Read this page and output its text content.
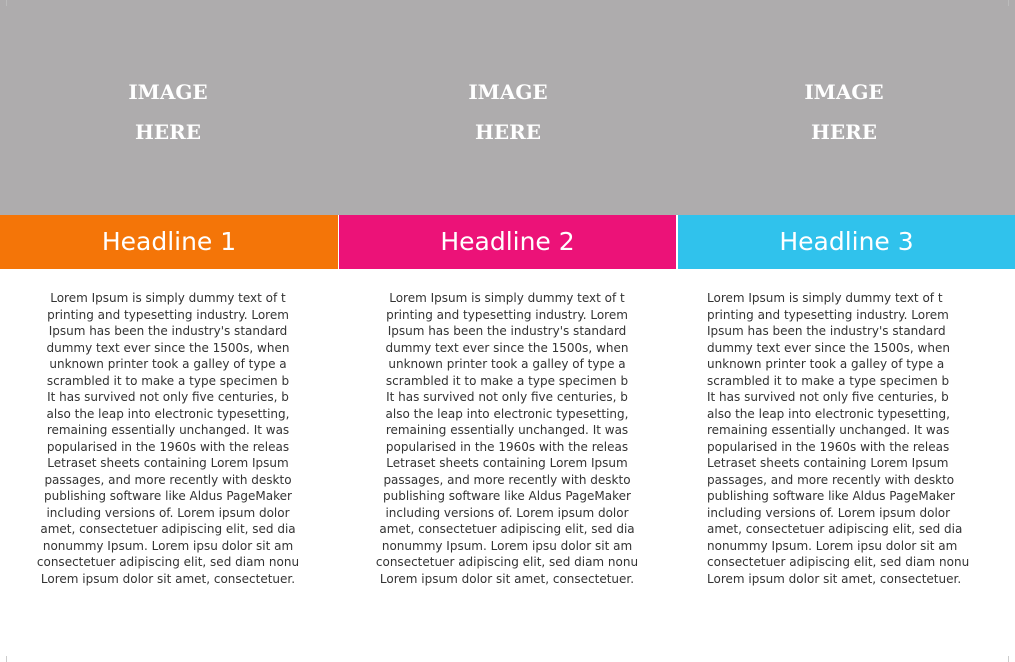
IMAGE
HERE
Headline 1
Lorem Ipsum is simply dummy text of t
printing and typesetting industry. Lorem
Ipsum has been the industry's standard
dummy text ever since the 1500s, when
unknown printer took a galley of type a
scrambled it to make a type specimen b
It has survived not only five centuries, b
also the leap into electronic typesetting,
remaining essentially unchanged. It was
popularised in the 1960s with the releas
Letraset sheets containing Lorem Ipsum
passages, and more recently with deskto
publishing software like Aldus PageMaker
including versions of. Lorem ipsum dolor
amet, consectetuer adipiscing elit, sed dia
nonummy Ipsum. Lorem ipsu dolor sit am
consectetuer adipiscing elit, sed diam nonu
Lorem ipsum dolor sit amet, consectetuer.
IMAGE
HERE
Headline 2
Lorem Ipsum is simply dummy text of t
printing and typesetting industry. Lorem
Ipsum has been the industry's standard
dummy text ever since the 1500s, when
unknown printer took a galley of type a
scrambled it to make a type specimen b
It has survived not only five centuries, b
also the leap into electronic typesetting,
remaining essentially unchanged. It was
popularised in the 1960s with the releas
Letraset sheets containing Lorem Ipsum
passages, and more recently with deskto
publishing software like Aldus PageMaker
including versions of. Lorem ipsum dolor
amet, consectetuer adipiscing elit, sed dia
nonummy Ipsum. Lorem ipsu dolor sit am
consectetuer adipiscing elit, sed diam nonu
Lorem ipsum dolor sit amet, consectetuer.
IMAGE
HERE
Headline 3
Lorem Ipsum is simply dummy text of t
printing and typesetting industry. Lorem
Ipsum has been the industry's standard
dummy text ever since the 1500s, when
unknown printer took a galley of type a
scrambled it to make a type specimen b
It has survived not only five centuries, b
also the leap into electronic typesetting,
remaining essentially unchanged. It was
popularised in the 1960s with the releas
Letraset sheets containing Lorem Ipsum
passages, and more recently with deskto
publishing software like Aldus PageMaker
including versions of. Lorem ipsum dolor
amet, consectetuer adipiscing elit, sed dia
nonummy Ipsum. Lorem ipsu dolor sit am
consectetuer adipiscing elit, sed diam nonu
Lorem ipsum dolor sit amet, consectetuer.
